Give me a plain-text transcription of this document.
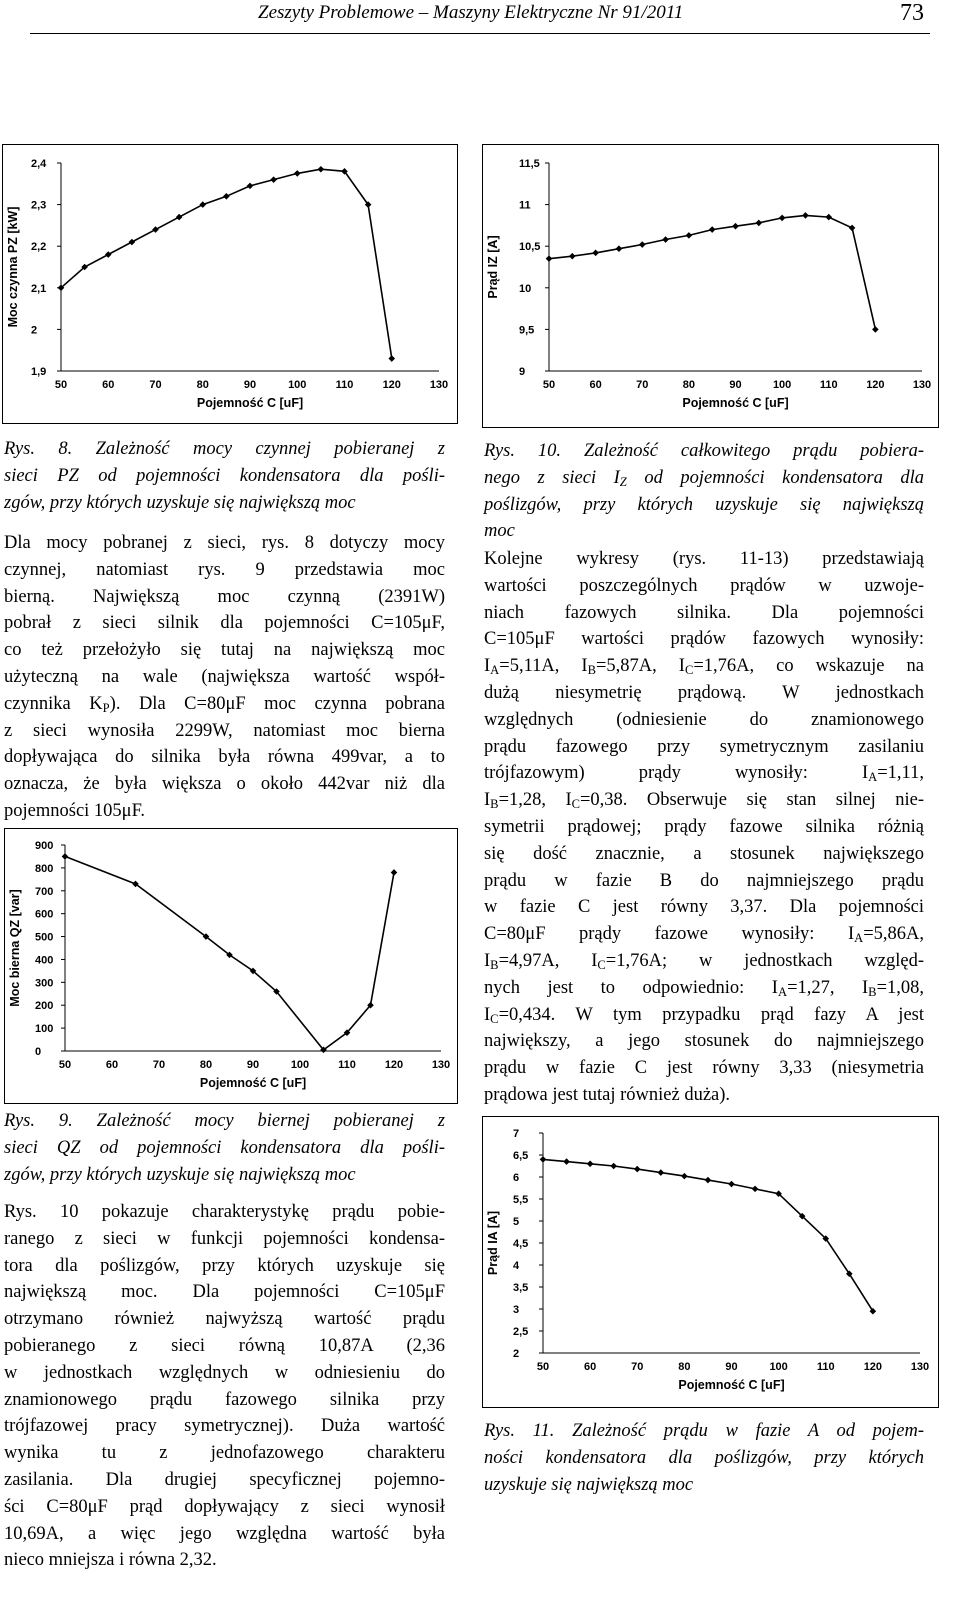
Zeszyty Problemowe – Maszyny Elektryczne Nr 91/2011	73
1,9
2
2,1
2,2
2,3
2,4
50	60	70	80	90	100	110	120	130
Pojemność C [uF]
Moc czynna PZ [kW]
0
100
200
300
400
500
600
700
800
900
50	60	70	80	90	100	110	120	130
Pojemność C [uF]
Moc bierna QZ [var]
9
9,5
10
10,5
11
11,5
50	60	70	80	90	100	110	120	130
Pojemność C [uF]
Prąd IZ [A]
2
2,5
3
3,5
4
4,5
5
5,5
6
6,5
7
50	60	70	80	90	100	110	120	130
Pojemność C [uF]
Prąd IA [A]
Rys. 8. Zależność mocy czynnej pobieranej z
sieci PZ od pojemności kondensatora dla pośli-
zgów, przy których uzyskuje się największą moc
Dla mocy pobranej z sieci, rys. 8 dotyczy mocy
czynnej, natomiast rys. 9 przedstawia moc
bierną. Największą moc czynną (2391W)
pobrał z sieci silnik dla pojemności C=105μF,
co też przełożyło się tutaj na największą moc
użyteczną na wale (największa wartość współ-
czynnika $K_P$). Dla C=80μF moc czynna pobrana
z sieci wynosiła 2299W, natomiast moc bierna
dopływająca do silnika była równa 499var, a to
oznacza, że była większa o około 442var niż dla
pojemności 105μF.
Rys. 9. Zależność mocy biernej pobieranej z
sieci QZ od pojemności kondensatora dla pośli-
zgów, przy których uzyskuje się największą moc
Rys. 10 pokazuje charakterystykę prądu pobie-
ranego z sieci w funkcji pojemności kondensa-
tora dla poślizgów, przy których uzyskuje się
największą moc. Dla pojemności C=105μF
otrzymano również najwyższą wartość prądu
pobieranego z sieci równą 10,87A (2,36
w jednostkach względnych w odniesieniu do
znamionowego prądu fazowego silnika przy
trójfazowej pracy symetrycznej). Duża wartość
wynika tu z jednofazowego charakteru
zasilania. Dla drugiej specyficznej pojemno-
ści C=80μF prąd dopływający z sieci wynosił
10,69A, a więc jego względna wartość była
nieco mniejsza i równa 2,32.
Rys. 10. Zależność całkowitego prądu pobiera-
nego z sieci $I_Z$ od pojemności kondensatora dla
poślizgów, przy których uzyskuje się największą
moc
Kolejne wykresy (rys. 11-13) przedstawiają
wartości poszczególnych prądów w uzwoje-
niach fazowych silnika. Dla pojemności
C=105μF wartości prądów fazowych wynosiły:
$I_A=5,11A$, $I_B=5,87A$, $I_C=1,76A$, co wskazuje na
dużą niesymetrię prądową. W jednostkach
względnych (odniesienie do znamionowego
prądu fazowego przy symetrycznym zasilaniu
trójfazowym) prądy wynosiły: $I_A=1,11$,
$I_B=1,28$, $I_C=0,38$. Obserwuje się stan silnej nie-
symetrii prądowej; prądy fazowe silnika różnią
się dość znacznie, a stosunek największego
prądu w fazie B do najmniejszego prądu
w fazie C jest równy 3,37. Dla pojemności
C=80μF prądy fazowe wynosiły: $I_A=5,86A$,
$I_B=4,97A$, $I_C=1,76A$; w jednostkach względ-
nych jest to odpowiednio: $I_A=1,27$, $I_B=1,08$,
$I_C=0,434$. W tym przypadku prąd fazy A jest
największy, a jego stosunek do najmniejszego
prądu w fazie C jest równy 3,33 (niesymetria
prądowa jest tutaj również duża).
Rys. 11. Zależność prądu w fazie A od pojem-
ności kondensatora dla poślizgów, przy których
uzyskuje się największą moc
